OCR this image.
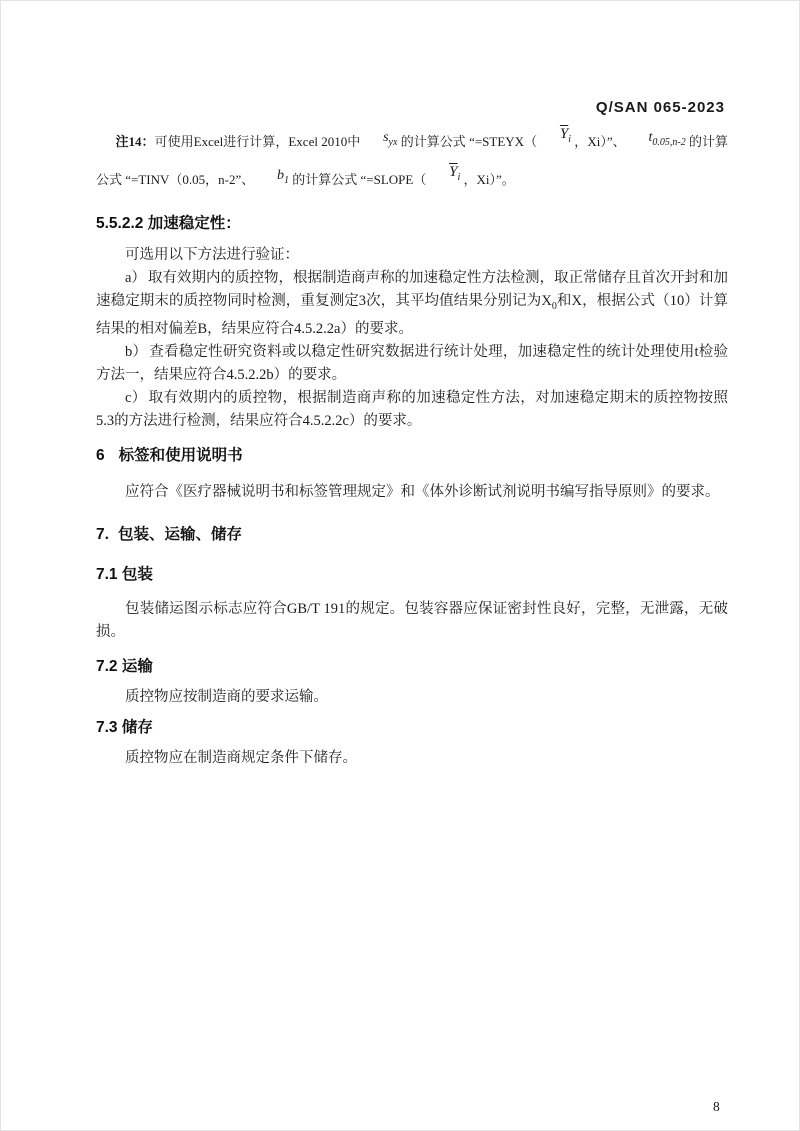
Q/SAN 065-2023

注14：可使用Excel进行计算，Excel 2010中 $s_{yx}$ 的计算公式 “=STEYX（ $\overline{Y}_i$ ，Xi）”、 $t_{0.05,n-2}$ 的计算公式 “=TINV（0.05，n-2”、 $b_1$ 的计算公式 “=SLOPE（ $\overline{Y}_i$ ，Xi）”。

5.5.2.2 加速稳定性：

可选用以下方法进行验证：

a） 取有效期内的质控物，根据制造商声称的加速稳定性方法检测，取正常储存且首次开封和加速稳定期末的质控物同时检测，重复测定3次，其平均值结果分别记为$X_0$和X，根据公式（10）计算结果的相对偏差B，结果应符合4.5.2.2a）的要求。

b） 查看稳定性研究资料或以稳定性研究数据进行统计处理，加速稳定性的统计处理使用t检验方法一，结果应符合4.5.2.2b）的要求。

c） 取有效期内的质控物，根据制造商声称的加速稳定性方法，对加速稳定期末的质控物按照5.3的方法进行检测，结果应符合4.5.2.2c）的要求。

6 标签和使用说明书

应符合《医疗器械说明书和标签管理规定》和《体外诊断试剂说明书编写指导原则》的要求。

7. 包装、运输、储存
7.1 包装

包装储运图示标志应符合GB/T 191的规定。包装容器应保证密封性良好，完整，无泄露，无破损。

7.2 运输

质控物应按制造商的要求运输。

7.3 储存

质控物应在制造商规定条件下储存。

8
